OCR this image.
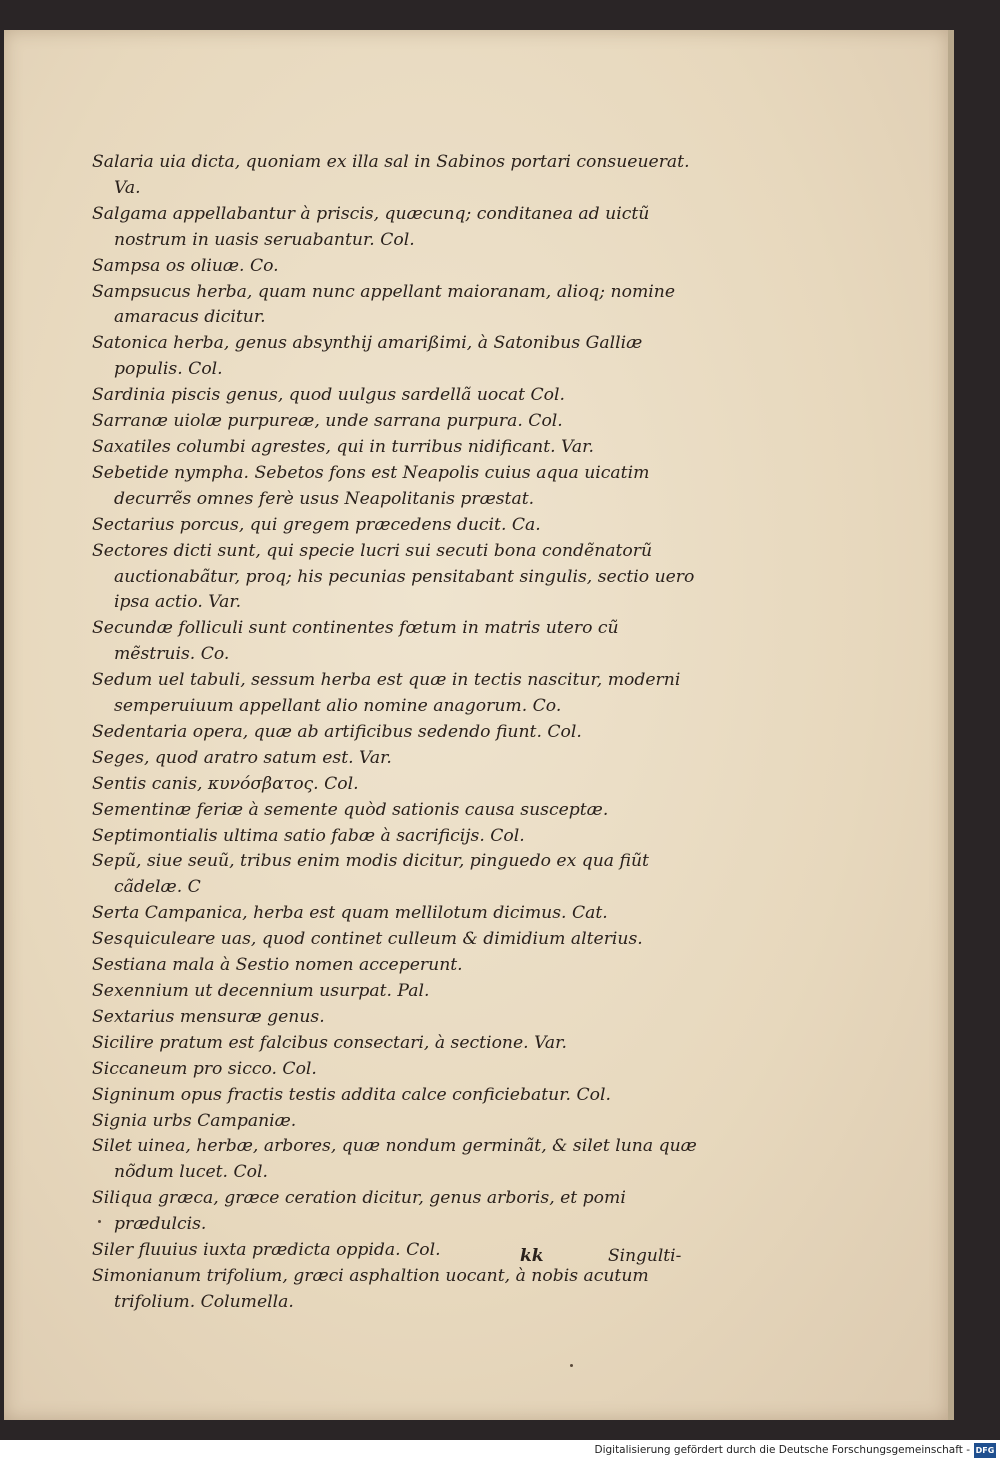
kk	Singulti-
Salaria uia dicta, quoniam ex illa sal in Sabinos portari consueuerat. Va.
Salgama appellabantur à priscis, quæcunq; conditanea ad uictũ nostrum in uasis seruabantur. Col.
Sampsa os oliuæ. Co.
Sampsucus herba, quam nunc appellant maioranam, alioq; nomine amaracus dicitur.
Satonica herba, genus absynthij amarißimi, à Satonibus Galliæ populis. Col.
Sardinia piscis genus, quod uulgus sardellã uocat Col.
Sarranæ uiolæ purpureæ, unde sarrana purpura. Col.
Saxatiles columbi agrestes, qui in turribus nidificant. Var.
Sebetide nympha. Sebetos fons est Neapolis cuius aqua uicatim decurrẽs omnes ferè usus Neapolitanis præstat.
Sectarius porcus, qui gregem præcedens ducit. Ca.
Sectores dicti sunt, qui specie lucri sui secuti bona condẽnatorũ auctionabãtur, proq; his pecunias pensitabant singulis, sectio uero ipsa actio. Var.
Secundæ folliculi sunt continentes fœtum in matris utero cũ mẽstruis. Co.
Sedum uel tabuli, sessum herba est quæ in tectis nascitur, moderni semperuiuum appellant alio nomine anagorum. Co.
Sedentaria opera, quæ ab artificibus sedendo fiunt. Col.
Seges, quod aratro satum est. Var.
Sentis canis, κυνόσβατος. Col.
Sementinæ feriæ à semente quòd sationis causa susceptæ.
Septimontialis ultima satio fabæ à sacrificijs. Col.
Sepũ, siue seuũ, tribus enim modis dicitur, pinguedo ex qua fiũt cãdelæ. C
Serta Campanica, herba est quam mellilotum dicimus. Cat.
Sesquiculeare uas, quod continet culleum & dimidium alterius.
Sestiana mala à Sestio nomen acceperunt.
Sexennium ut decennium usurpat. Pal.
Sextarius mensuræ genus.
Sicilire pratum est falcibus consectari, à sectione. Var.
Siccaneum pro sicco. Col.
Signinum opus fractis testis addita calce conficiebatur. Col.
Signia urbs Campaniæ.
Silet uinea, herbæ, arbores, quæ nondum germinãt, & silet luna quæ nõdum lucet. Col.
Siliqua græca, græce ceration dicitur, genus arboris, et pomi prædulcis.
Siler fluuius iuxta prædicta oppida. Col.
Simonianum trifolium, græci asphaltion uocant, à nobis acutum trifolium. Columella.
Digitalisierung gefördert durch die Deutsche Forschungsgemeinschaft - DFG
